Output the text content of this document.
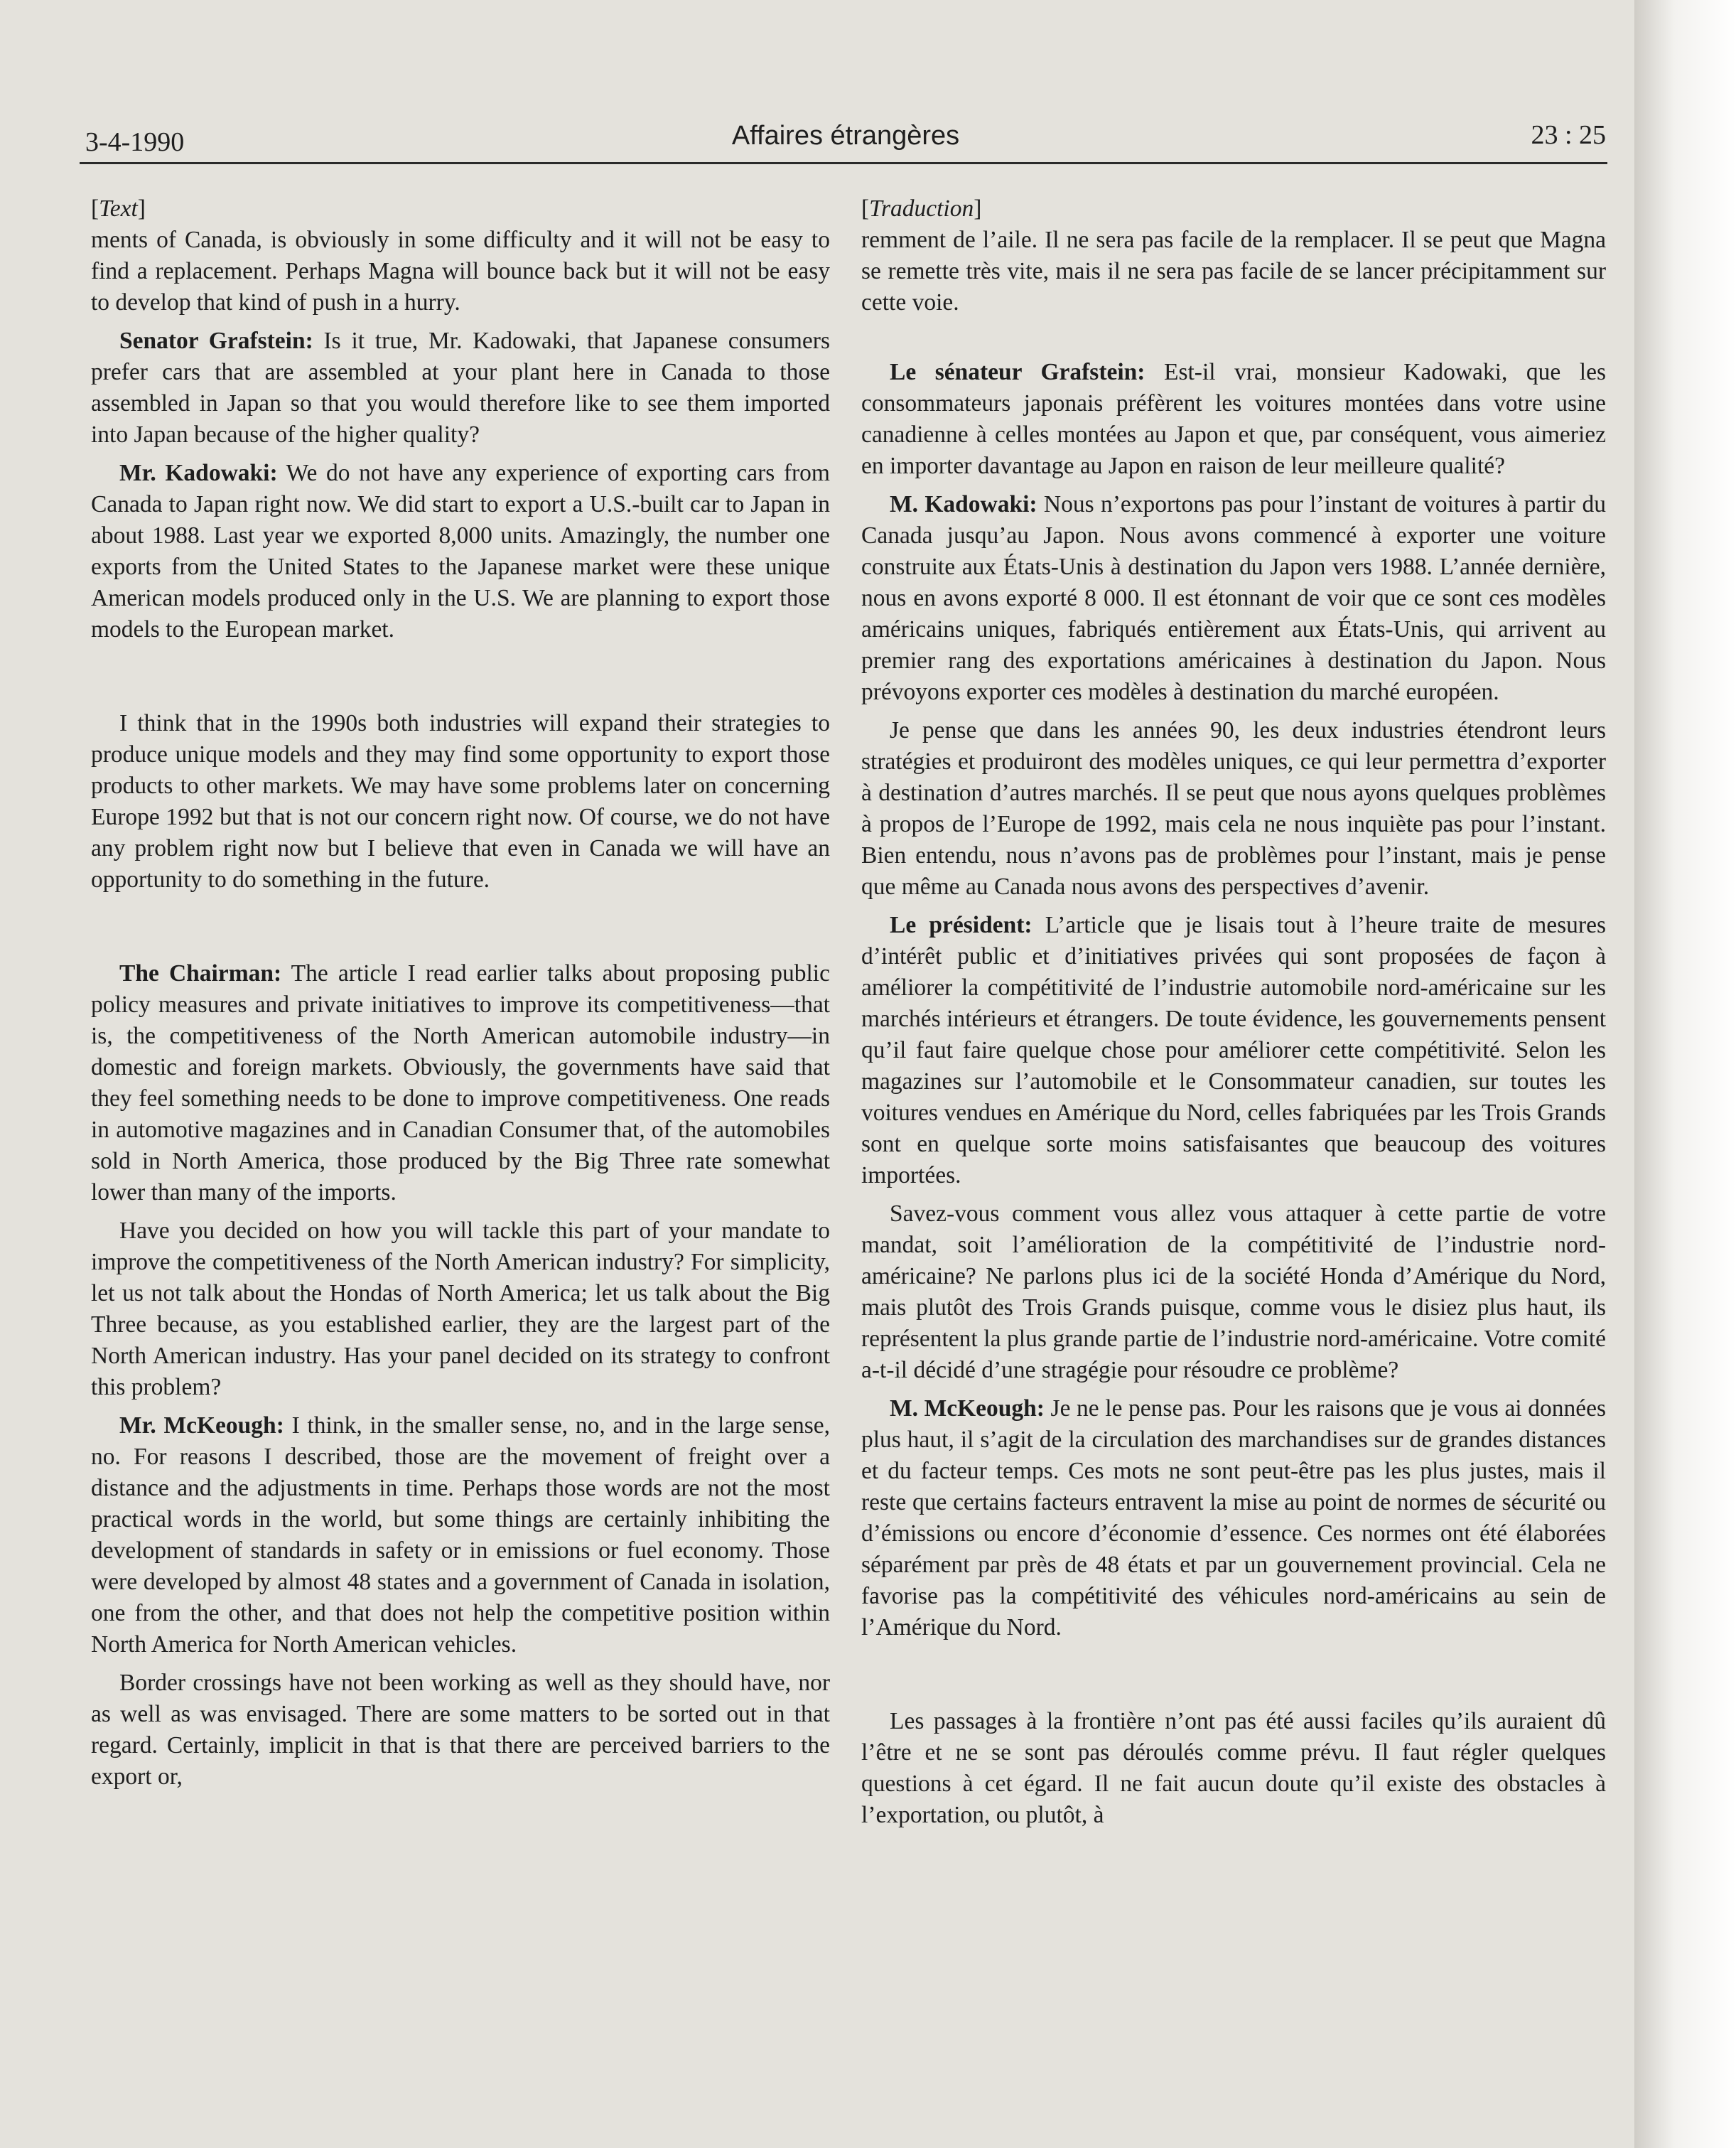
3-4-1990	Affaires étrangères	23 : 25

[Text]

ments of Canada, is obviously in some difficulty and it will not be easy to find a replacement. Perhaps Magna will bounce back but it will not be easy to develop that kind of push in a hurry.

Senator Grafstein: Is it true, Mr. Kadowaki, that Japanese consumers prefer cars that are assembled at your plant here in Canada to those assembled in Japan so that you would therefore like to see them imported into Japan because of the higher quality?

Mr. Kadowaki: We do not have any experience of exporting cars from Canada to Japan right now. We did start to export a U.S.-built car to Japan in about 1988. Last year we exported 8,000 units. Amazingly, the number one exports from the United States to the Japanese market were these unique American models produced only in the U.S. We are planning to export those models to the European market.

I think that in the 1990s both industries will expand their strategies to produce unique models and they may find some opportunity to export those products to other markets. We may have some problems later on concerning Europe 1992 but that is not our concern right now. Of course, we do not have any problem right now but I believe that even in Canada we will have an opportunity to do something in the future.

The Chairman: The article I read earlier talks about proposing public policy measures and private initiatives to improve its competitiveness—that is, the competitiveness of the North American automobile industry—in domestic and foreign markets. Obviously, the governments have said that they feel something needs to be done to improve competitiveness. One reads in automotive magazines and in Canadian Consumer that, of the automobiles sold in North America, those produced by the Big Three rate somewhat lower than many of the imports.

Have you decided on how you will tackle this part of your mandate to improve the competitiveness of the North American industry? For simplicity, let us not talk about the Hondas of North America; let us talk about the Big Three because, as you established earlier, they are the largest part of the North American industry. Has your panel decided on its strategy to confront this problem?

Mr. McKeough: I think, in the smaller sense, no, and in the large sense, no. For reasons I described, those are the movement of freight over a distance and the adjustments in time. Perhaps those words are not the most practical words in the world, but some things are certainly inhibiting the development of standards in safety or in emissions or fuel economy. Those were developed by almost 48 states and a government of Canada in isolation, one from the other, and that does not help the competitive position within North America for North American vehicles.

Border crossings have not been working as well as they should have, nor as well as was envisaged. There are some matters to be sorted out in that regard. Certainly, implicit in that is that there are perceived barriers to the export or,

[Traduction]

remment de l’aile. Il ne sera pas facile de la remplacer. Il se peut que Magna se remette très vite, mais il ne sera pas facile de se lancer précipitamment sur cette voie.

Le sénateur Grafstein: Est-il vrai, monsieur Kadowaki, que les consommateurs japonais préfèrent les voitures montées dans votre usine canadienne à celles montées au Japon et que, par conséquent, vous aimeriez en importer davantage au Japon en raison de leur meilleure qualité?

M. Kadowaki: Nous n’exportons pas pour l’instant de voitures à partir du Canada jusqu’au Japon. Nous avons commencé à exporter une voiture construite aux États-Unis à destination du Japon vers 1988. L’année dernière, nous en avons exporté 8 000. Il est étonnant de voir que ce sont ces modèles américains uniques, fabriqués entièrement aux États-Unis, qui arrivent au premier rang des exportations américaines à destination du Japon. Nous prévoyons exporter ces modèles à destination du marché européen.

Je pense que dans les années 90, les deux industries étendront leurs stratégies et produiront des modèles uniques, ce qui leur permettra d’exporter à destination d’autres marchés. Il se peut que nous ayons quelques problèmes à propos de l’Europe de 1992, mais cela ne nous inquiète pas pour l’instant. Bien entendu, nous n’avons pas de problèmes pour l’instant, mais je pense que même au Canada nous avons des perspectives d’avenir.

Le président: L’article que je lisais tout à l’heure traite de mesures d’intérêt public et d’initiatives privées qui sont proposées de façon à améliorer la compétitivité de l’industrie automobile nord-américaine sur les marchés intérieurs et étrangers. De toute évidence, les gouvernements pensent qu’il faut faire quelque chose pour améliorer cette compétitivité. Selon les magazines sur l’automobile et le Consommateur canadien, sur toutes les voitures vendues en Amérique du Nord, celles fabriquées par les Trois Grands sont en quelque sorte moins satisfaisantes que beaucoup des voitures importées.

Savez-vous comment vous allez vous attaquer à cette partie de votre mandat, soit l’amélioration de la compétitivité de l’industrie nord-américaine? Ne parlons plus ici de la société Honda d’Amérique du Nord, mais plutôt des Trois Grands puisque, comme vous le disiez plus haut, ils représentent la plus grande partie de l’industrie nord-américaine. Votre comité a-t-il décidé d’une stragégie pour résoudre ce problème?

M. McKeough: Je ne le pense pas. Pour les raisons que je vous ai données plus haut, il s’agit de la circulation des marchandises sur de grandes distances et du facteur temps. Ces mots ne sont peut-être pas les plus justes, mais il reste que certains facteurs entravent la mise au point de normes de sécurité ou d’émissions ou encore d’économie d’essence. Ces normes ont été élaborées séparément par près de 48 états et par un gouvernement provincial. Cela ne favorise pas la compétitivité des véhicules nord-américains au sein de l’Amérique du Nord.

Les passages à la frontière n’ont pas été aussi faciles qu’ils auraient dû l’être et ne se sont pas déroulés comme prévu. Il faut régler quelques questions à cet égard. Il ne fait aucun doute qu’il existe des obstacles à l’exportation, ou plutôt, à
